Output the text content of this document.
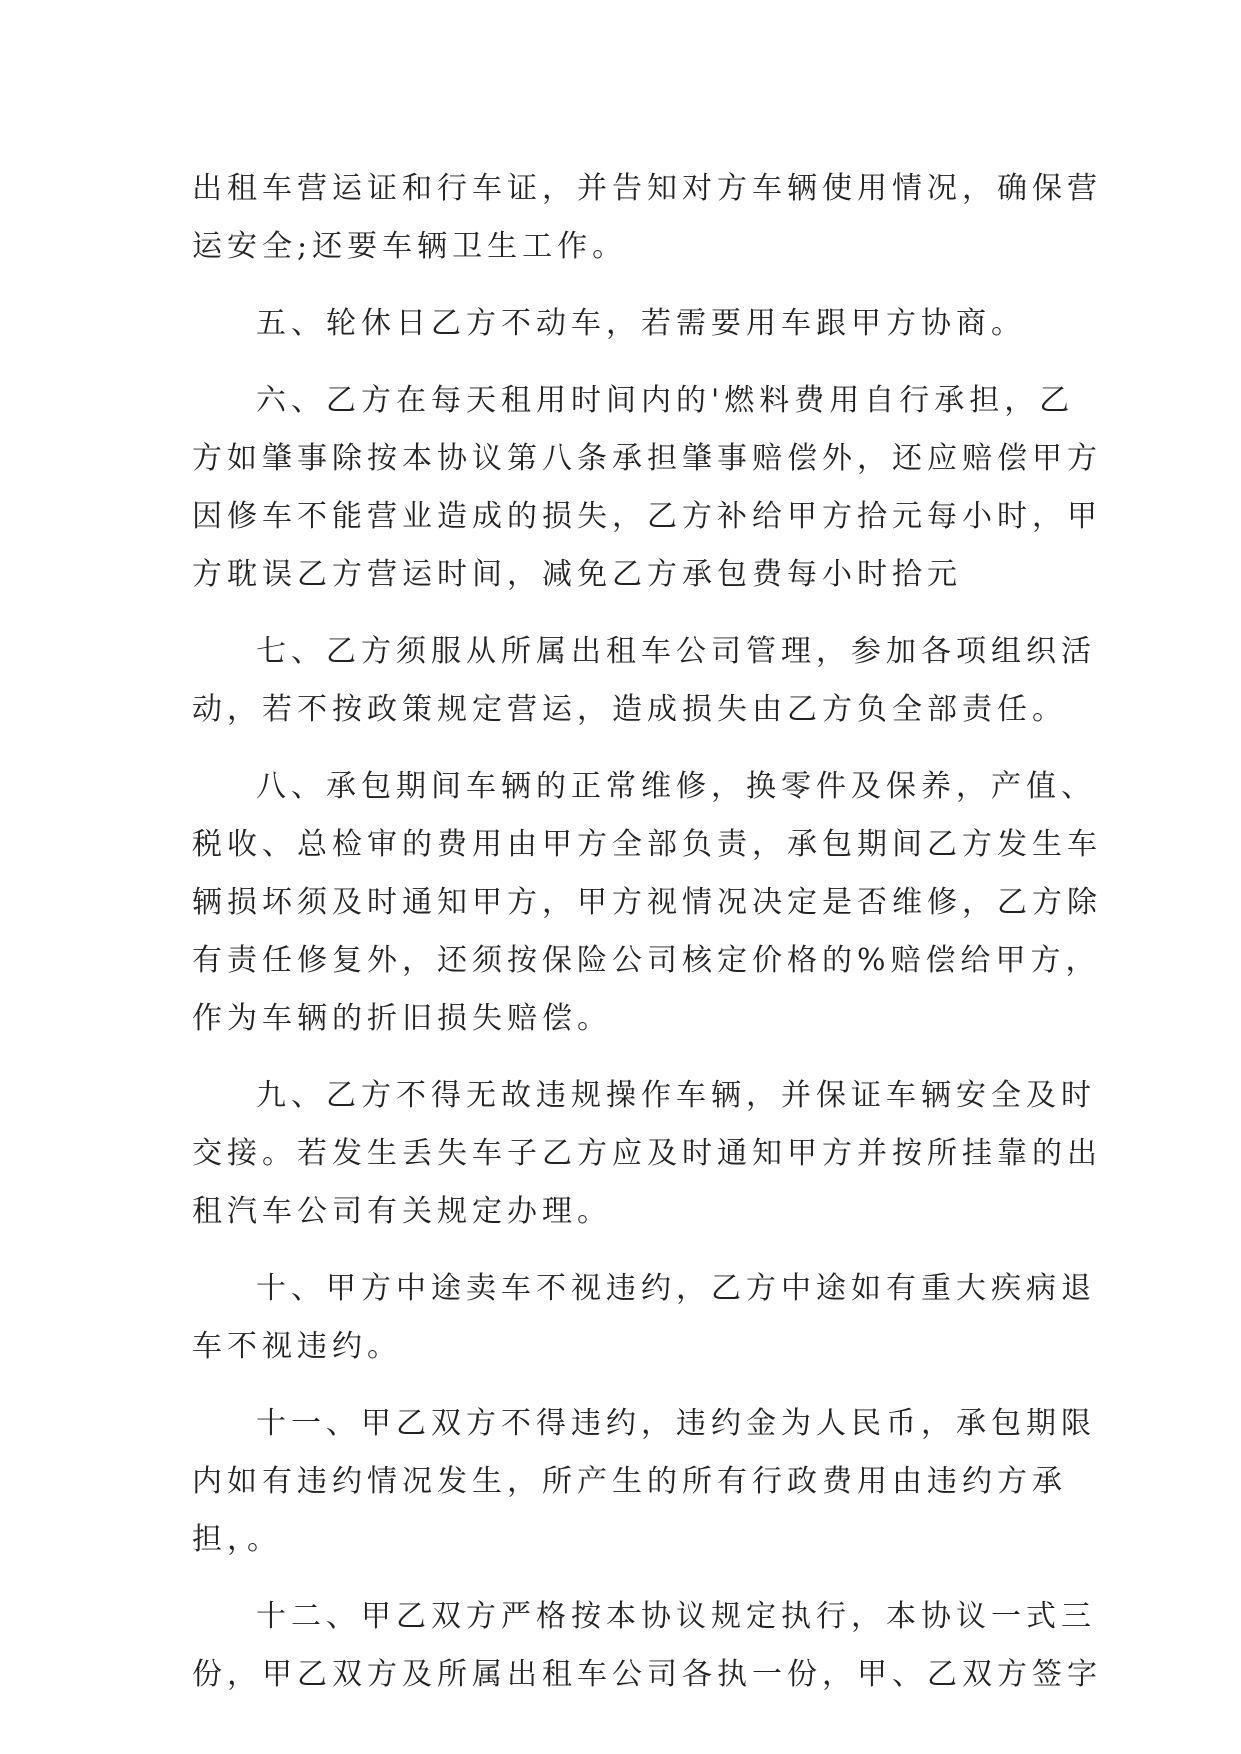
出租车营运证和行车证，并告知对方车辆使用情况，确保营
运安全;还要车辆卫生工作。
五、轮休日乙方不动车，若需要用车跟甲方协商。
六、乙方在每天租用时间内的'燃料费用自行承担，乙
方如肇事除按本协议第八条承担肇事赔偿外，还应赔偿甲方
因修车不能营业造成的损失，乙方补给甲方拾元每小时，甲
方耽误乙方营运时间，减免乙方承包费每小时拾元
七、乙方须服从所属出租车公司管理，参加各项组织活
动，若不按政策规定营运，造成损失由乙方负全部责任。
八、承包期间车辆的正常维修，换零件及保养，产值、
税收、总检审的费用由甲方全部负责，承包期间乙方发生车
辆损坏须及时通知甲方，甲方视情况决定是否维修，乙方除
有责任修复外，还须按保险公司核定价格的%赔偿给甲方，
作为车辆的折旧损失赔偿。
九、乙方不得无故违规操作车辆，并保证车辆安全及时
交接。若发生丢失车子乙方应及时通知甲方并按所挂靠的出
租汽车公司有关规定办理。
十、甲方中途卖车不视违约，乙方中途如有重大疾病退
车不视违约。
十一、甲乙双方不得违约，违约金为人民币，承包期限
内如有违约情况发生，所产生的所有行政费用由违约方承
担，。
十二、甲乙双方严格按本协议规定执行，本协议一式三
份，甲乙双方及所属出租车公司各执一份，甲、乙双方签字
